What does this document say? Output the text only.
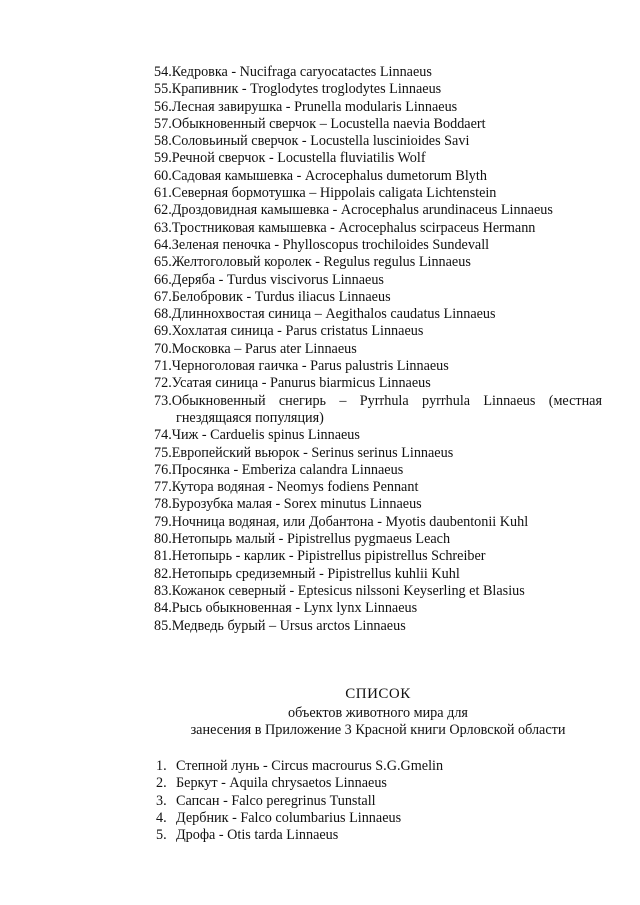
54.Кедровка - Nucifraga caryocatactes Linnaeus
55.Крапивник - Troglodytes troglodytes Linnaeus
56.Лесная завирушка - Prunella modularis Linnaeus
57.Обыкновенный сверчок – Locustella naevia Boddaert
58.Соловьиный сверчок - Locustella luscinioides Savi
59.Речной сверчок - Locustella fluviatilis Wolf
60.Садовая камышевка - Acrocephalus dumetorum Blyth
61.Северная бормотушка – Hippolais caligata Lichtenstein
62.Дроздовидная камышевка - Acrocephalus arundinaceus Linnaeus
63.Тростниковая камышевка - Acrocephalus scirpaceus Hermann
64.Зеленая пеночка - Phylloscopus trochiloides Sundevall
65.Желтоголовый королек - Regulus regulus Linnaeus
66.Деряба - Turdus viscivorus Linnaeus
67.Белобровик - Turdus iliacus Linnaeus
68.Длиннохвостая синица – Aegithalos caudatus Linnaeus
69.Хохлатая синица - Parus cristatus Linnaeus
70.Московка – Parus ater Linnaeus
71.Черноголовая гаичка - Parus palustris Linnaeus
72.Усатая синица - Panurus biarmicus Linnaeus
73.Обыкновенный снегирь – Pyrrhula pyrrhula Linnaeus (местная гнездящаяся популяция)
74.Чиж - Carduelis spinus Linnaeus
75.Европейский вьюрок - Serinus serinus Linnaeus
76.Просянка - Emberiza calandra Linnaeus
77.Кутора водяная - Neomys fodiens Pennant
78.Бурозубка малая - Sorex minutus Linnaeus
79.Ночница водяная, или Добантона - Myotis daubentonii Kuhl
80.Нетопырь малый - Pipistrellus pygmaeus Leach
81.Нетопырь - карлик - Pipistrellus pipistrellus Schreiber
82.Нетопырь средиземный - Pipistrellus kuhlii Kuhl
83.Кожанок северный - Eptesicus nilssoni Keyserling et Blasius
84.Рысь обыкновенная - Lynx lynx Linnaeus
85.Медведь бурый – Ursus arctos Linnaeus

СПИСОК

объектов животного мира для

занесения в Приложение 3 Красной книги Орловской области

1. Степной лунь - Circus macrourus S.G.Gmelin
2. Беркут - Aquila chrysaetos Linnaeus
3. Сапсан - Falco peregrinus Tunstall
4. Дербник - Falco columbarius Linnaeus
5. Дрофа - Otis tarda Linnaeus
